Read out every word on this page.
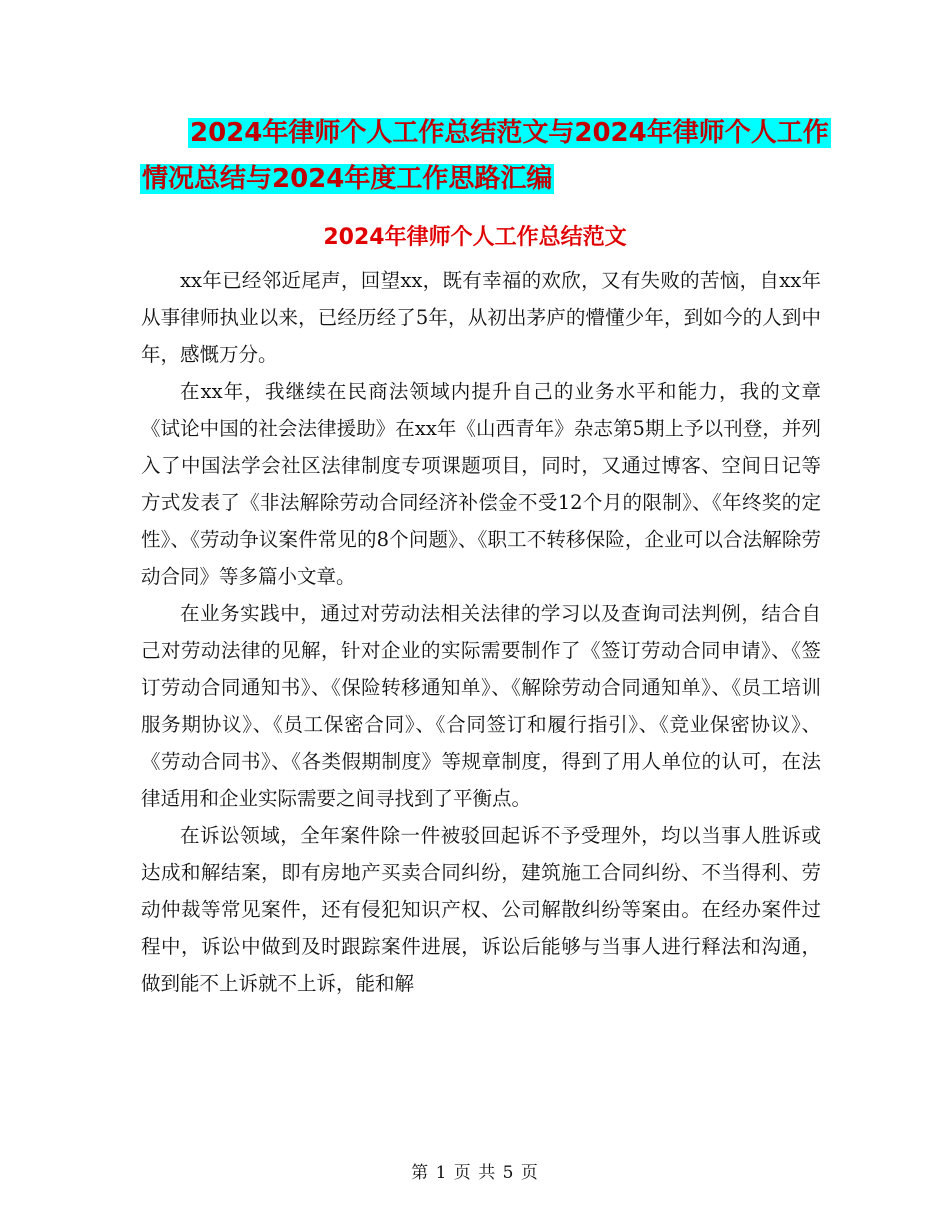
2024年律师个人工作总结范文与2024年律师个人工作
情况总结与2024年度工作思路汇编
2024年律师个人工作总结范文

xx年已经邻近尾声，回望xx，既有幸福的欢欣，又有失败的苦恼，自xx年从事律师执业以来，已经历经了5年，从初出茅庐的懵懂少年，到如今的人到中年，感慨万分。

在xx年，我继续在民商法领域内提升自己的业务水平和能力，我的文章《试论中国的社会法律援助》在xx年《山西青年》杂志第5期上予以刊登，并列入了中国法学会社区法律制度专项课题项目，同时，又通过博客、空间日记等方式发表了《非法解除劳动合同经济补偿金不受12个月的限制》、《年终奖的定性》、《劳动争议案件常见的8个问题》、《职工不转移保险，企业可以合法解除劳动合同》等多篇小文章。

在业务实践中，通过对劳动法相关法律的学习以及查询司法判例，结合自己对劳动法律的见解，针对企业的实际需要制作了《签订劳动合同申请》、《签订劳动合同通知书》、《保险转移通知单》、《解除劳动合同通知单》、《员工培训服务期协议》、《员工保密合同》、《合同签订和履行指引》、《竞业保密协议》、《劳动合同书》、《各类假期制度》等规章制度，得到了用人单位的认可，在法律适用和企业实际需要之间寻找到了平衡点。

在诉讼领域，全年案件除一件被驳回起诉不予受理外，均以当事人胜诉或达成和解结案，即有房地产买卖合同纠纷，建筑施工合同纠纷、不当得利、劳动仲裁等常见案件，还有侵犯知识产权、公司解散纠纷等案由。在经办案件过程中，诉讼中做到及时跟踪案件进展，诉讼后能够与当事人进行释法和沟通，做到能不上诉就不上诉，能和解

第 1 页 共 5 页
